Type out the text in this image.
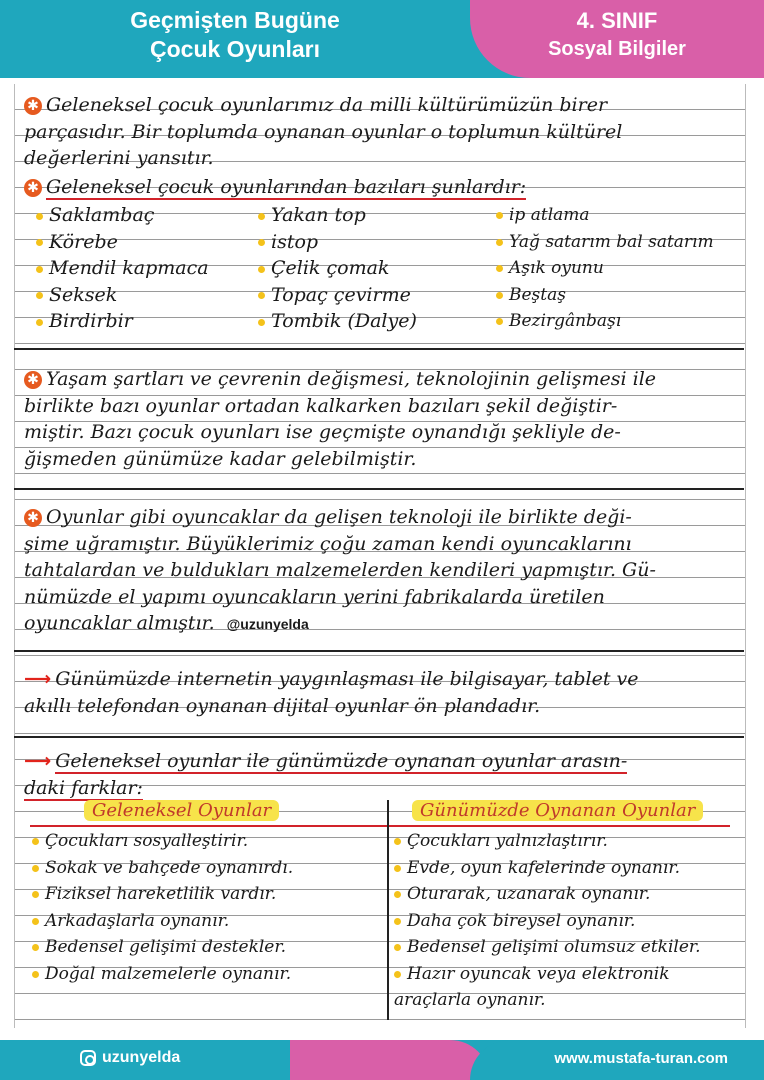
Geçmişten Bugüne
Çocuk Oyunları
4. SINIF
Sosyal Bilgiler
✱ Geleneksel çocuk oyunlarımız da milli kültürümüzün birer
parçasıdır. Bir toplumda oynanan oyunlar o toplumun kültürel
değerlerini yansıtır.
✱ Geleneksel çocuk oyunlarından bazıları şunlardır:
Saklambaç
Körebe
Mendil kapmaca
Seksek
Birdirbir
Yakan top
istop
Çelik çomak
Topaç çevirme
Tombik (Dalye)
ip atlama
Yağ satarım bal satarım
Aşık oyunu
Beştaş
Bezirgânbaşı
✱ Yaşam şartları ve çevrenin değişmesi, teknolojinin gelişmesi ile
birlikte bazı oyunlar ortadan kalkarken bazıları şekil değiştir-
miştir. Bazı çocuk oyunları ise geçmişte oynandığı şekliyle de-
ğişmeden günümüze kadar gelebilmiştir.
✱ Oyunlar gibi oyuncaklar da gelişen teknoloji ile birlikte deği-
şime uğramıştır. Büyüklerimiz çoğu zaman kendi oyuncaklarını
tahtalardan ve buldukları malzemelerden kendileri yapmıştır. Gü-
nümüzde el yapımı oyuncakların yerini fabrikalarda üretilen
oyuncaklar almıştır. @uzunyelda
⟶ Günümüzde internetin yaygınlaşması ile bilgisayar, tablet ve
akıllı telefondan oynanan dijital oyunlar ön plandadır.
⟶ Geleneksel oyunlar ile günümüzde oynanan oyunlar arasın-
daki farklar:
Geleneksel Oyunlar	Günümüzde Oynanan Oyunlar
Çocukları sosyalleştirir.
Sokak ve bahçede oynanırdı.
Fiziksel hareketlilik vardır.
Arkadaşlarla oynanır.
Bedensel gelişimi destekler.
Doğal malzemelerle oynanır.
Çocukları yalnızlaştırır.
Evde, oyun kafelerinde oynanır.
Oturarak, uzanarak oynanır.
Daha çok bireysel oynanır.
Bedensel gelişimi olumsuz etkiler.
Hazır oyuncak veya elektronik
araçlarla oynanır.
uzunyelda	www.mustafa-turan.com
